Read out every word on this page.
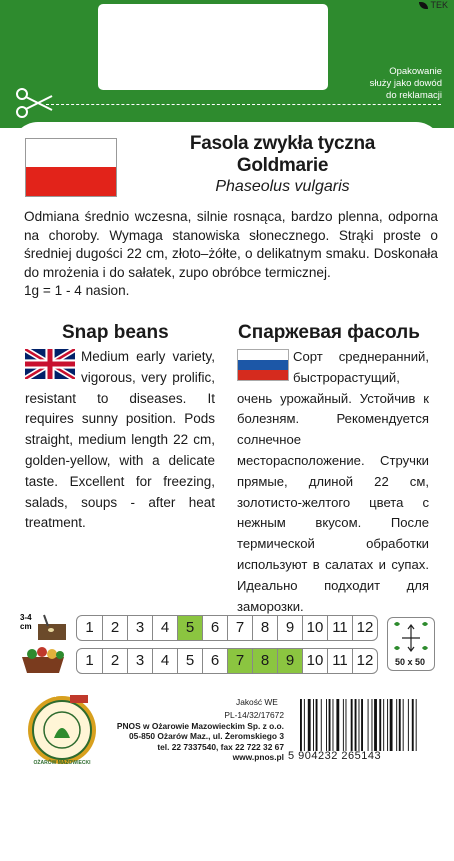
TEK
Opakowanie
służy jako dowód
do reklamacji
Fasola zwykła tyczna
Goldmarie
Phaseolus vulgaris
Odmiana średnio wczesna, silnie rosnąca, bardzo plenna, odporna na choroby. Wymaga stanowiska słonecznego. Strąki proste o średniej dugości 22 cm, złoto–żółte, o delikatnym smaku. Doskonała do mrożenia i do sałatek, zupo obróbce termicznej.
1g = 1 - 4 nasion.
Snap beans	Спаржевая фасоль
Medium early variety, vigorous, very prolific, resistant to diseases. It requires sunny position. Pods straight, medium length 22 cm, golden-yellow, with a delicate taste. Excellent for freezing, salads, soups - after heat treatment.
Сорт среднеранний, быстрорастущий, очень урожайный. Устойчив к болезням. Рекомендуется солнечное месторасположение. Стручки прямые, длиной 22 см, золотисто-желтого цвета с нежным вкусом. После термической обработки используют в салатах и супах. Идеально подходит для заморозки.
3-4 cm	1	2	3	4	5	6	7	8	9 10 11 12
1	2	3	4	5	6	7	8	9 10 11 12	50 x 50
NEW
OŻARÓW MAZOWIECKI
Jakość WE
PL-14/32/17672
PNOS w Ożarowie Mazowieckim Sp. z o.o.
05-850 Ożarów Maz., ul. Żeromskiego 3
tel. 22 7337540, fax 22 722 32 67
www.pnos.pl 5 904232 265143
